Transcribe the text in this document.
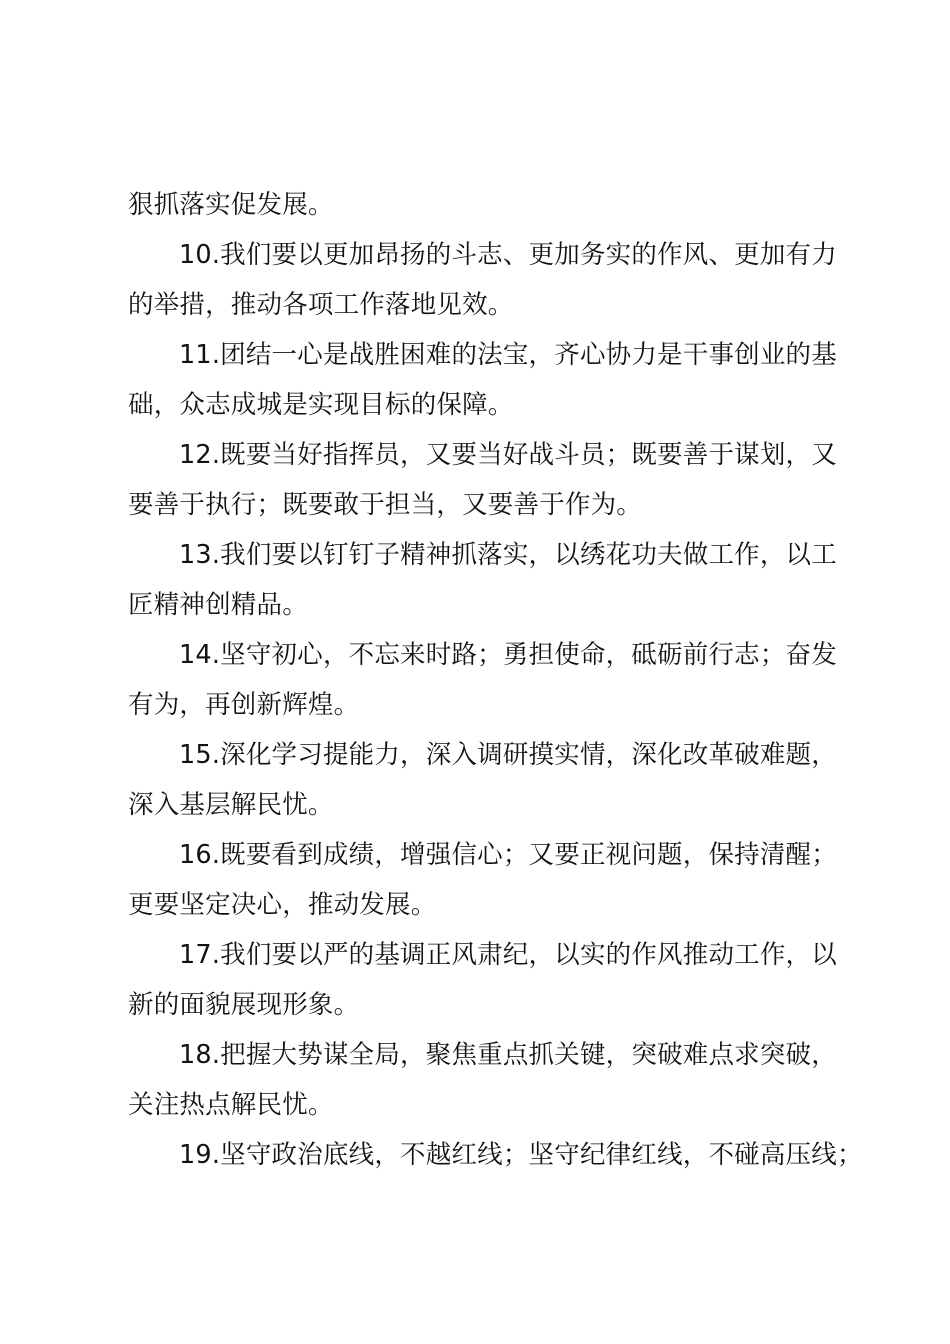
狠抓落实促发展。
10.我们要以更加昂扬的斗志、更加务实的作风、更加有力
的举措，推动各项工作落地见效。
11.团结一心是战胜困难的法宝，齐心协力是干事创业的基
础，众志成城是实现目标的保障。
12.既要当好指挥员，又要当好战斗员；既要善于谋划，又
要善于执行；既要敢于担当，又要善于作为。
13.我们要以钉钉子精神抓落实，以绣花功夫做工作，以工
匠精神创精品。
14.坚守初心，不忘来时路；勇担使命，砥砺前行志；奋发
有为，再创新辉煌。
15.深化学习提能力，深入调研摸实情，深化改革破难题，
深入基层解民忧。
16.既要看到成绩，增强信心；又要正视问题，保持清醒；
更要坚定决心，推动发展。
17.我们要以严的基调正风肃纪，以实的作风推动工作，以
新的面貌展现形象。
18.把握大势谋全局，聚焦重点抓关键，突破难点求突破，
关注热点解民忧。
19.坚守政治底线，不越红线；坚守纪律红线，不碰高压线；
